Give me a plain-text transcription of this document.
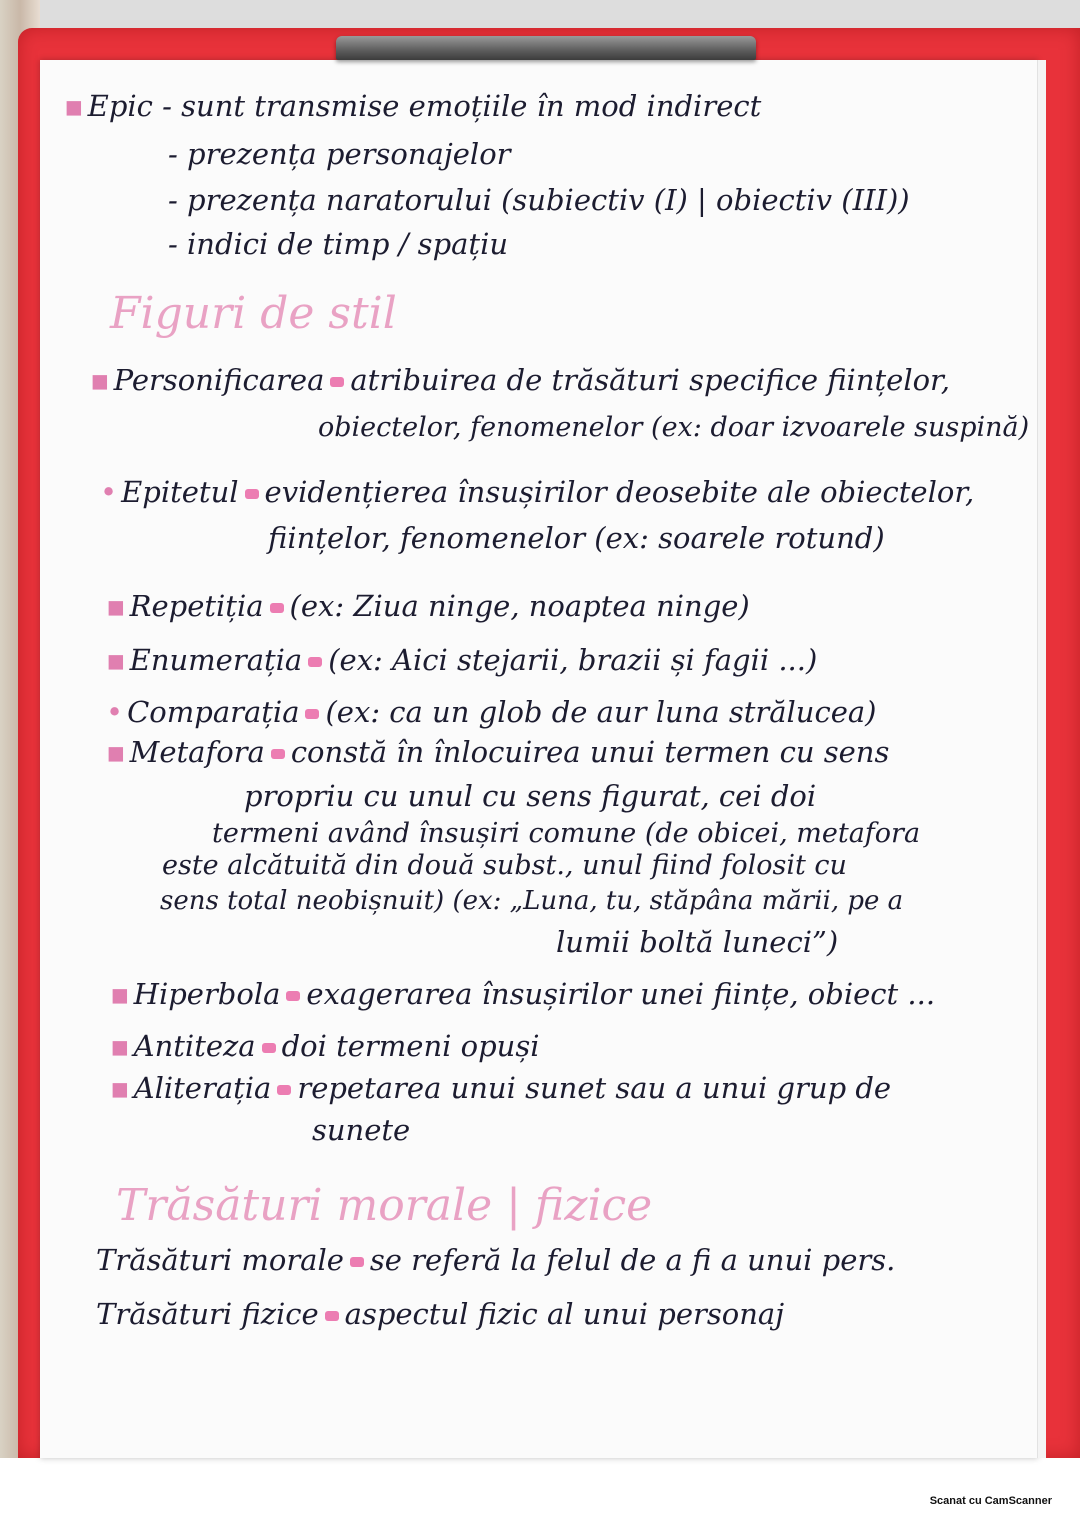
▪ Epic - sunt transmise emoțiile în mod indirect
- prezența personajelor
- prezența naratorului (subiectiv (I) | obiectiv (III))
- indici de timp / spațiu
Figuri de stil
▪ Personificarea atribuirea de trăsături specifice ființelor,
obiectelor, fenomenelor (ex: doar izvoarele suspină)
• Epitetul evidențierea însușirilor deosebite ale obiectelor,
ființelor, fenomenelor (ex: soarele rotund)
▪ Repetiția (ex: Ziua ninge, noaptea ninge)
▪ Enumerația (ex: Aici stejarii, brazii și fagii ...)
• Comparația (ex: ca un glob de aur luna strălucea)
▪ Metafora constă în înlocuirea unui termen cu sens
propriu cu unul cu sens figurat, cei doi
termeni având însușiri comune (de obicei, metafora
este alcătuită din două subst., unul fiind folosit cu
sens total neobișnuit) (ex: „Luna, tu, stăpâna mării, pe a
lumii boltă luneci”)
▪ Hiperbola exagerarea însușirilor unei ființe, obiect ...
▪ Antiteza doi termeni opuși
▪ Aliterația repetarea unui sunet sau a unui grup de
sunete
Trăsături morale | fizice
Trăsături morale se referă la felul de a fi a unui pers.
Trăsături fizice aspectul fizic al unui personaj
Scanat cu CamScanner
